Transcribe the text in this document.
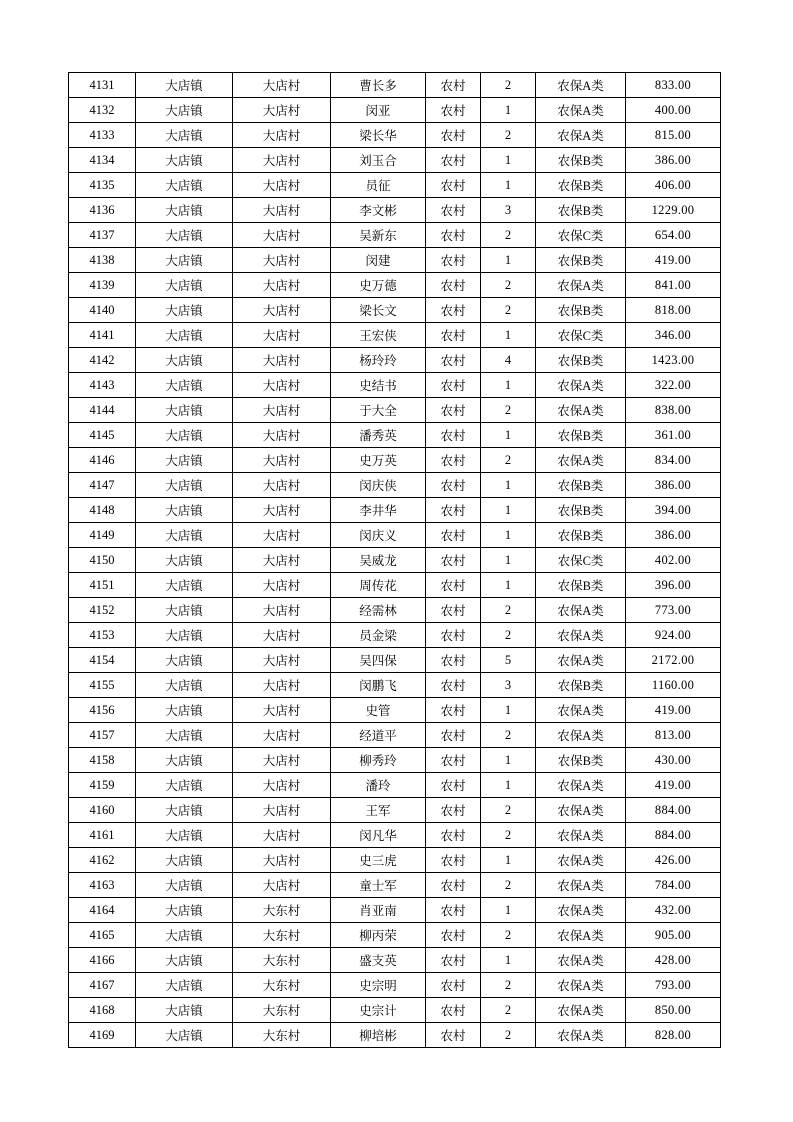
4131	大店镇	大店村	曹长多	农村	2	农保A类	833.00
4132	大店镇	大店村	闵亚	农村	1	农保A类	400.00
4133	大店镇	大店村	梁长华	农村	2	农保A类	815.00
4134	大店镇	大店村	刘玉合	农村	1	农保B类	386.00
4135	大店镇	大店村	员征	农村	1	农保B类	406.00
4136	大店镇	大店村	李文彬	农村	3	农保B类	1229.00
4137	大店镇	大店村	吴新东	农村	2	农保C类	654.00
4138	大店镇	大店村	闵建	农村	1	农保B类	419.00
4139	大店镇	大店村	史万德	农村	2	农保A类	841.00
4140	大店镇	大店村	梁长文	农村	2	农保B类	818.00
4141	大店镇	大店村	王宏侠	农村	1	农保C类	346.00
4142	大店镇	大店村	杨玲玲	农村	4	农保B类	1423.00
4143	大店镇	大店村	史结书	农村	1	农保A类	322.00
4144	大店镇	大店村	于大全	农村	2	农保A类	838.00
4145	大店镇	大店村	潘秀英	农村	1	农保B类	361.00
4146	大店镇	大店村	史万英	农村	2	农保A类	834.00
4147	大店镇	大店村	闵庆侠	农村	1	农保B类	386.00
4148	大店镇	大店村	李井华	农村	1	农保B类	394.00
4149	大店镇	大店村	闵庆义	农村	1	农保B类	386.00
4150	大店镇	大店村	吴威龙	农村	1	农保C类	402.00
4151	大店镇	大店村	周传花	农村	1	农保B类	396.00
4152	大店镇	大店村	经需林	农村	2	农保A类	773.00
4153	大店镇	大店村	员金梁	农村	2	农保A类	924.00
4154	大店镇	大店村	吴四保	农村	5	农保A类	2172.00
4155	大店镇	大店村	闵鹏飞	农村	3	农保B类	1160.00
4156	大店镇	大店村	史管	农村	1	农保A类	419.00
4157	大店镇	大店村	经道平	农村	2	农保A类	813.00
4158	大店镇	大店村	柳秀玲	农村	1	农保B类	430.00
4159	大店镇	大店村	潘玲	农村	1	农保A类	419.00
4160	大店镇	大店村	王军	农村	2	农保A类	884.00
4161	大店镇	大店村	闵凡华	农村	2	农保A类	884.00
4162	大店镇	大店村	史三虎	农村	1	农保A类	426.00
4163	大店镇	大店村	童士军	农村	2	农保A类	784.00
4164	大店镇	大东村	肖亚南	农村	1	农保A类	432.00
4165	大店镇	大东村	柳丙荣	农村	2	农保A类	905.00
4166	大店镇	大东村	盛支英	农村	1	农保A类	428.00
4167	大店镇	大东村	史宗明	农村	2	农保A类	793.00
4168	大店镇	大东村	史宗计	农村	2	农保A类	850.00
4169	大店镇	大东村	柳培彬	农村	2	农保A类	828.00
